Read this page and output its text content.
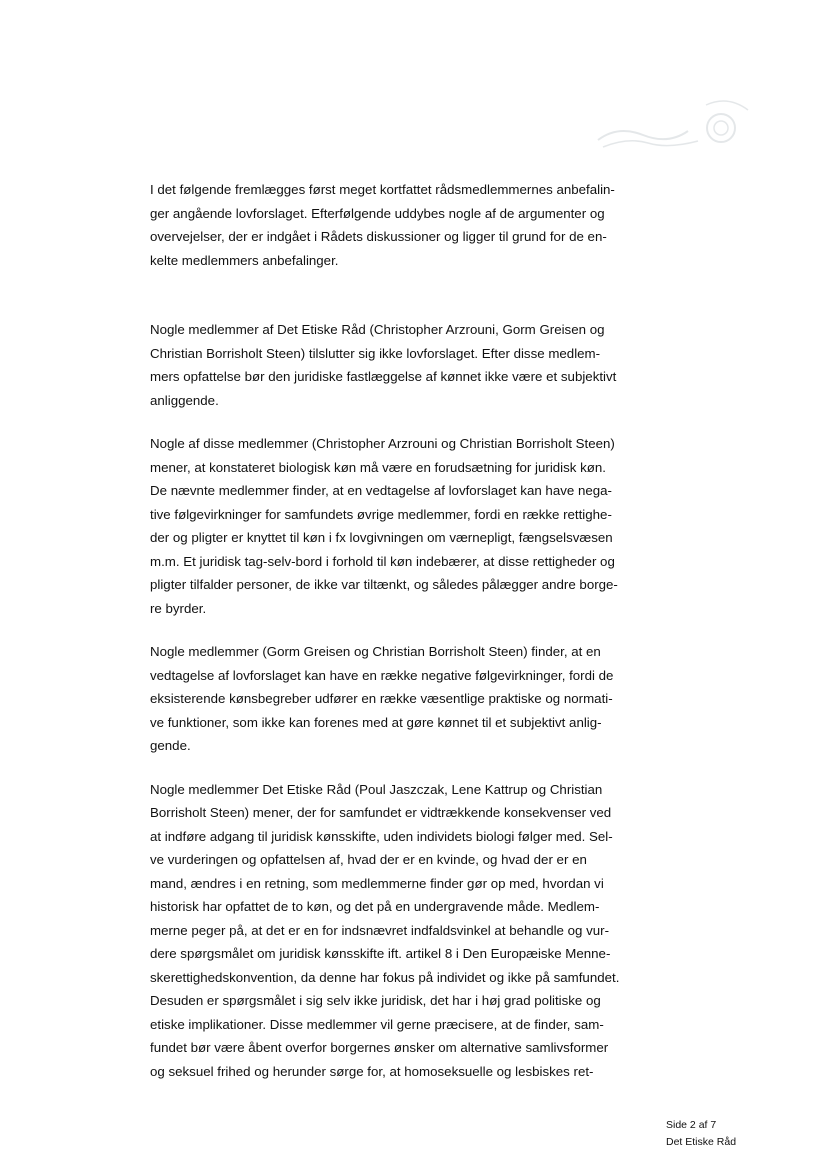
I det følgende fremlægges først meget kortfattet rådsmedlemmernes anbefalin-
ger angående lovforslaget. Efterfølgende uddybes nogle af de argumenter og
overvejelser, der er indgået i Rådets diskussioner og ligger til grund for de en-
kelte medlemmers anbefalinger.

Nogle medlemmer af Det Etiske Råd (Christopher Arzrouni, Gorm Greisen og
Christian Borrisholt Steen) tilslutter sig ikke lovforslaget. Efter disse medlem-
mers opfattelse bør den juridiske fastlæggelse af kønnet ikke være et subjektivt
anliggende.

Nogle af disse medlemmer (Christopher Arzrouni og Christian Borrisholt Steen)
mener, at konstateret biologisk køn må være en forudsætning for juridisk køn.
De nævnte medlemmer finder, at en vedtagelse af lovforslaget kan have nega-
tive følgevirkninger for samfundets øvrige medlemmer, fordi en række rettighe-
der og pligter er knyttet til køn i fx lovgivningen om værnepligt, fængselsvæsen
m.m. Et juridisk tag-selv-bord i forhold til køn indebærer, at disse rettigheder og
pligter tilfalder personer, de ikke var tiltænkt, og således pålægger andre borge-
re byrder.

Nogle medlemmer (Gorm Greisen og Christian Borrisholt Steen) finder, at en
vedtagelse af lovforslaget kan have en række negative følgevirkninger, fordi de
eksisterende kønsbegreber udfører en række væsentlige praktiske og normati-
ve funktioner, som ikke kan forenes med at gøre kønnet til et subjektivt anlig-
gende.

Nogle medlemmer Det Etiske Råd (Poul Jaszczak, Lene Kattrup og Christian
Borrisholt Steen) mener, der for samfundet er vidtrækkende konsekvenser ved
at indføre adgang til juridisk kønsskifte, uden individets biologi følger med. Sel-
ve vurderingen og opfattelsen af, hvad der er en kvinde, og hvad der er en
mand, ændres i en retning, som medlemmerne finder gør op med, hvordan vi
historisk har opfattet de to køn, og det på en undergravende måde. Medlem-
merne peger på, at det er en for indsnævret indfaldsvinkel at behandle og vur-
dere spørgsmålet om juridisk kønsskifte ift. artikel 8 i Den Europæiske Menne-
skerettighedskonvention, da denne har fokus på individet og ikke på samfundet.
Desuden er spørgsmålet i sig selv ikke juridisk, det har i høj grad politiske og
etiske implikationer. Disse medlemmer vil gerne præcisere, at de finder, sam-
fundet bør være åbent overfor borgernes ønsker om alternative samlivsformer
og seksuel frihed og herunder sørge for, at homoseksuelle og lesbiskes ret-

Side 2 af 7
Det Etiske Råd
